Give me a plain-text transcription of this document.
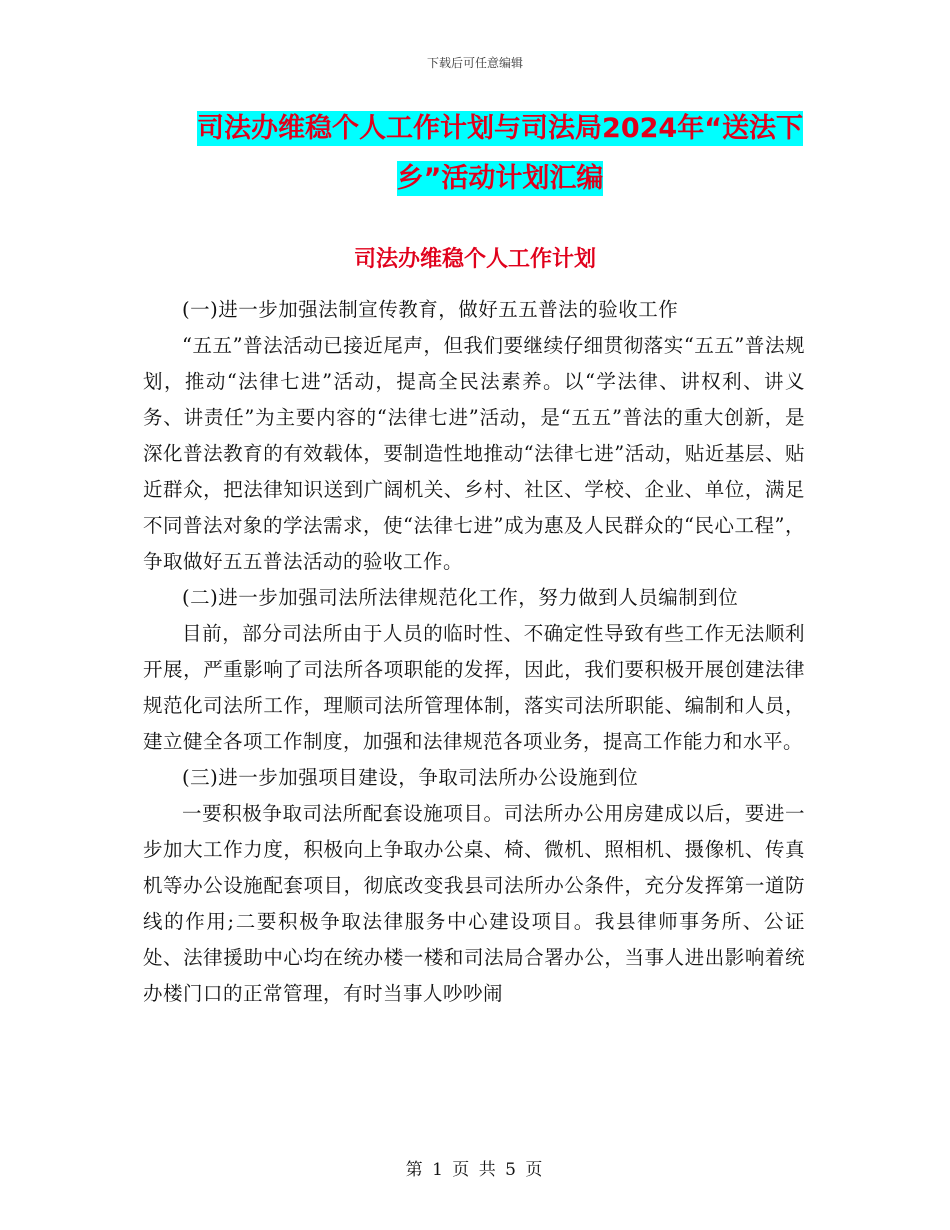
下载后可任意编辑
司法办维稳个人工作计划与司法局2024年“送法下乡”活动计划汇编
司法办维稳个人工作计划

(一)进一步加强法制宣传教育，做好五五普法的验收工作

“五五”普法活动已接近尾声，但我们要继续仔细贯彻落实“五五”普法规划，推动“法律七进”活动，提高全民法素养。以“学法律、讲权利、讲义务、讲责任”为主要内容的“法律七进”活动，是“五五”普法的重大创新，是深化普法教育的有效载体，要制造性地推动“法律七进”活动，贴近基层、贴近群众，把法律知识送到广阔机关、乡村、社区、学校、企业、单位，满足不同普法对象的学法需求，使“法律七进”成为惠及人民群众的“民心工程”，争取做好五五普法活动的验收工作。

(二)进一步加强司法所法律规范化工作，努力做到人员编制到位

目前，部分司法所由于人员的临时性、不确定性导致有些工作无法顺利开展，严重影响了司法所各项职能的发挥，因此，我们要积极开展创建法律规范化司法所工作，理顺司法所管理体制，落实司法所职能、编制和人员，建立健全各项工作制度，加强和法律规范各项业务，提高工作能力和水平。

(三)进一步加强项目建设，争取司法所办公设施到位

一要积极争取司法所配套设施项目。司法所办公用房建成以后，要进一步加大工作力度，积极向上争取办公桌、椅、微机、照相机、摄像机、传真机等办公设施配套项目，彻底改变我县司法所办公条件，充分发挥第一道防线的作用;二要积极争取法律服务中心建设项目。我县律师事务所、公证处、法律援助中心均在统办楼一楼和司法局合署办公，当事人进出影响着统办楼门口的正常管理，有时当事人吵吵闹

第 1 页 共 5 页
